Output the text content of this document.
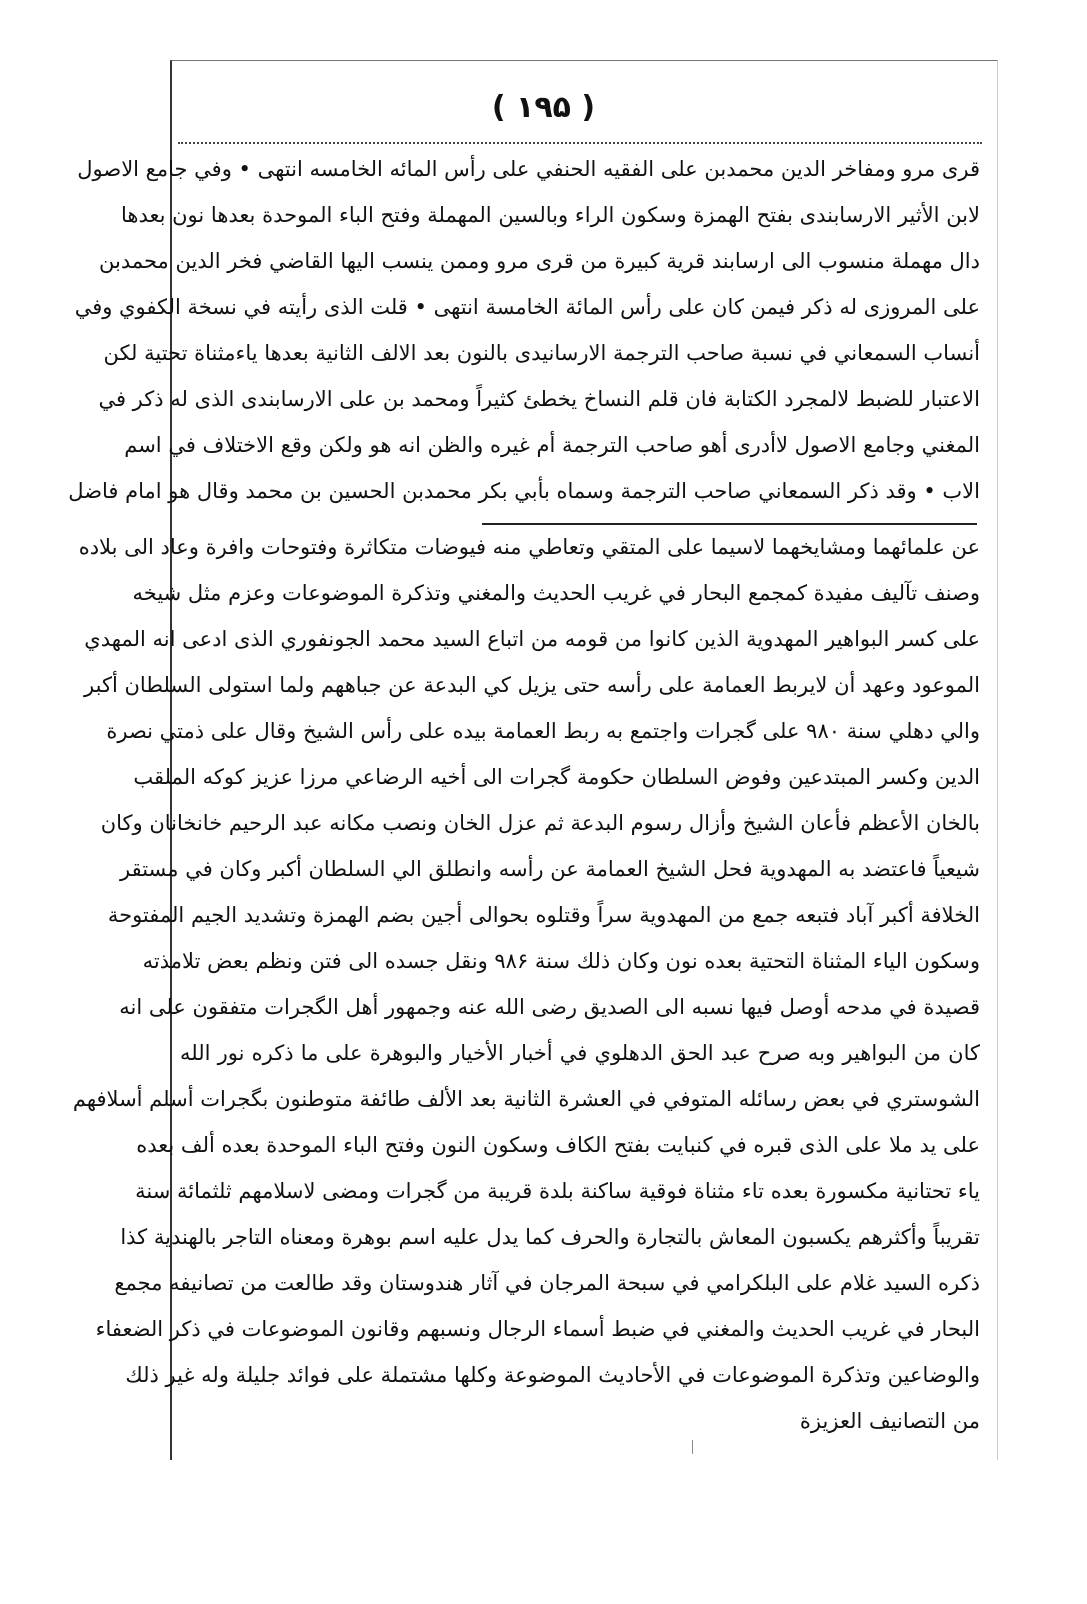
( ۱۹۵ )
قرى مرو ومفاخر الدين محمدبن على الفقيه الحنفي على رأس المائه الخامسه انتهى • وفي جامع الاصول
لابن الأثير الارسابندى بفتح الهمزة وسكون الراء وبالسين المهملة وفتح الباء الموحدة بعدها نون بعدها
دال مهملة منسوب الى ارسابند قرية كبيرة من قرى مرو وممن ينسب اليها القاضي فخر الدين محمدبن
على المروزى له ذكر فيمن كان على رأس المائة الخامسة انتهى • قلت الذى رأيته في نسخة الكفوي وفي
أنساب السمعاني في نسبة صاحب الترجمة الارسانيدى بالنون بعد الالف الثانية بعدها ياءمثناة تحتية لكن
الاعتبار للضبط لالمجرد الكتابة فان قلم النساخ يخطئ كثيراً ومحمد بن على الارسابندى الذى له ذكر في
المغني وجامع الاصول لاأدرى أهو صاحب الترجمة أم غيره والظن انه هو ولكن وقع الاختلاف في اسم
الاب • وقد ذكر السمعاني صاحب الترجمة وسماه بأبي بكر محمدبن الحسين بن محمد وقال هو امام فاضل
عن علمائهما ومشايخهما لاسيما على المتقي وتعاطي منه فيوضات متكاثرة وفتوحات وافرة وعاد الى بلاده
وصنف تآليف مفيدة كمجمع البحار في غريب الحديث والمغني وتذكرة الموضوعات وعزم مثل شيخه
على كسر البواهير المهدوية الذين كانوا من قومه من اتباع السيد محمد الجونفوري الذى ادعى انه المهدي
الموعود وعهد أن لايربط العمامة على رأسه حتى يزيل كي البدعة عن جباههم ولما استولى السلطان أكبر
والي دهلي سنة ۹۸۰ على گجرات واجتمع به ربط العمامة بيده على رأس الشيخ وقال على ذمتي نصرة
الدين وكسر المبتدعين وفوض السلطان حكومة گجرات الى أخيه الرضاعي مرزا عزيز كوكه الملقب
بالخان الأعظم فأعان الشيخ وأزال رسوم البدعة ثم عزل الخان ونصب مكانه عبد الرحيم خانخانان وكان
شيعياً فاعتضد به المهدوية فحل الشيخ العمامة عن رأسه وانطلق الي السلطان أكبر وكان في مستقر
الخلافة أكبر آباد فتبعه جمع من المهدوية سراً وقتلوه بحوالى أجين بضم الهمزة وتشديد الجيم المفتوحة
وسكون الياء المثناة التحتية بعده نون وكان ذلك سنة ۹۸۶ ونقل جسده الى فتن ونظم بعض تلامذته
قصيدة في مدحه أوصل فيها نسبه الى الصديق رضى الله عنه وجمهور أهل الگجرات متفقون على انه
كان من البواهير وبه صرح عبد الحق الدهلوي في أخبار الأخيار والبوهرة على ما ذكره نور الله
الشوستري في بعض رسائله المتوفي في العشرة الثانية بعد الألف طائفة متوطنون بگجرات أسلم أسلافهم
على يد ملا على الذى قبره في كنبايت بفتح الكاف وسكون النون وفتح الباء الموحدة بعده ألف بعده
ياء تحتانية مكسورة بعده تاء مثناة فوقية ساكنة بلدة قريبة من گجرات ومضى لاسلامهم ثلثمائة سنة
تقريباً وأكثرهم يكسبون المعاش بالتجارة والحرف كما يدل عليه اسم بوهرة ومعناه التاجر بالهندية كذا
ذكره السيد غلام على البلكرامي في سبحة المرجان في آثار هندوستان وقد طالعت من تصانيفه مجمع
البحار في غريب الحديث والمغني في ضبط أسماء الرجال ونسبهم وقانون الموضوعات في ذكر الضعفاء
والوضاعين وتذكرة الموضوعات في الأحاديث الموضوعة وكلها مشتملة على فوائد جليلة وله غير ذلك
من التصانيف العزيزة
